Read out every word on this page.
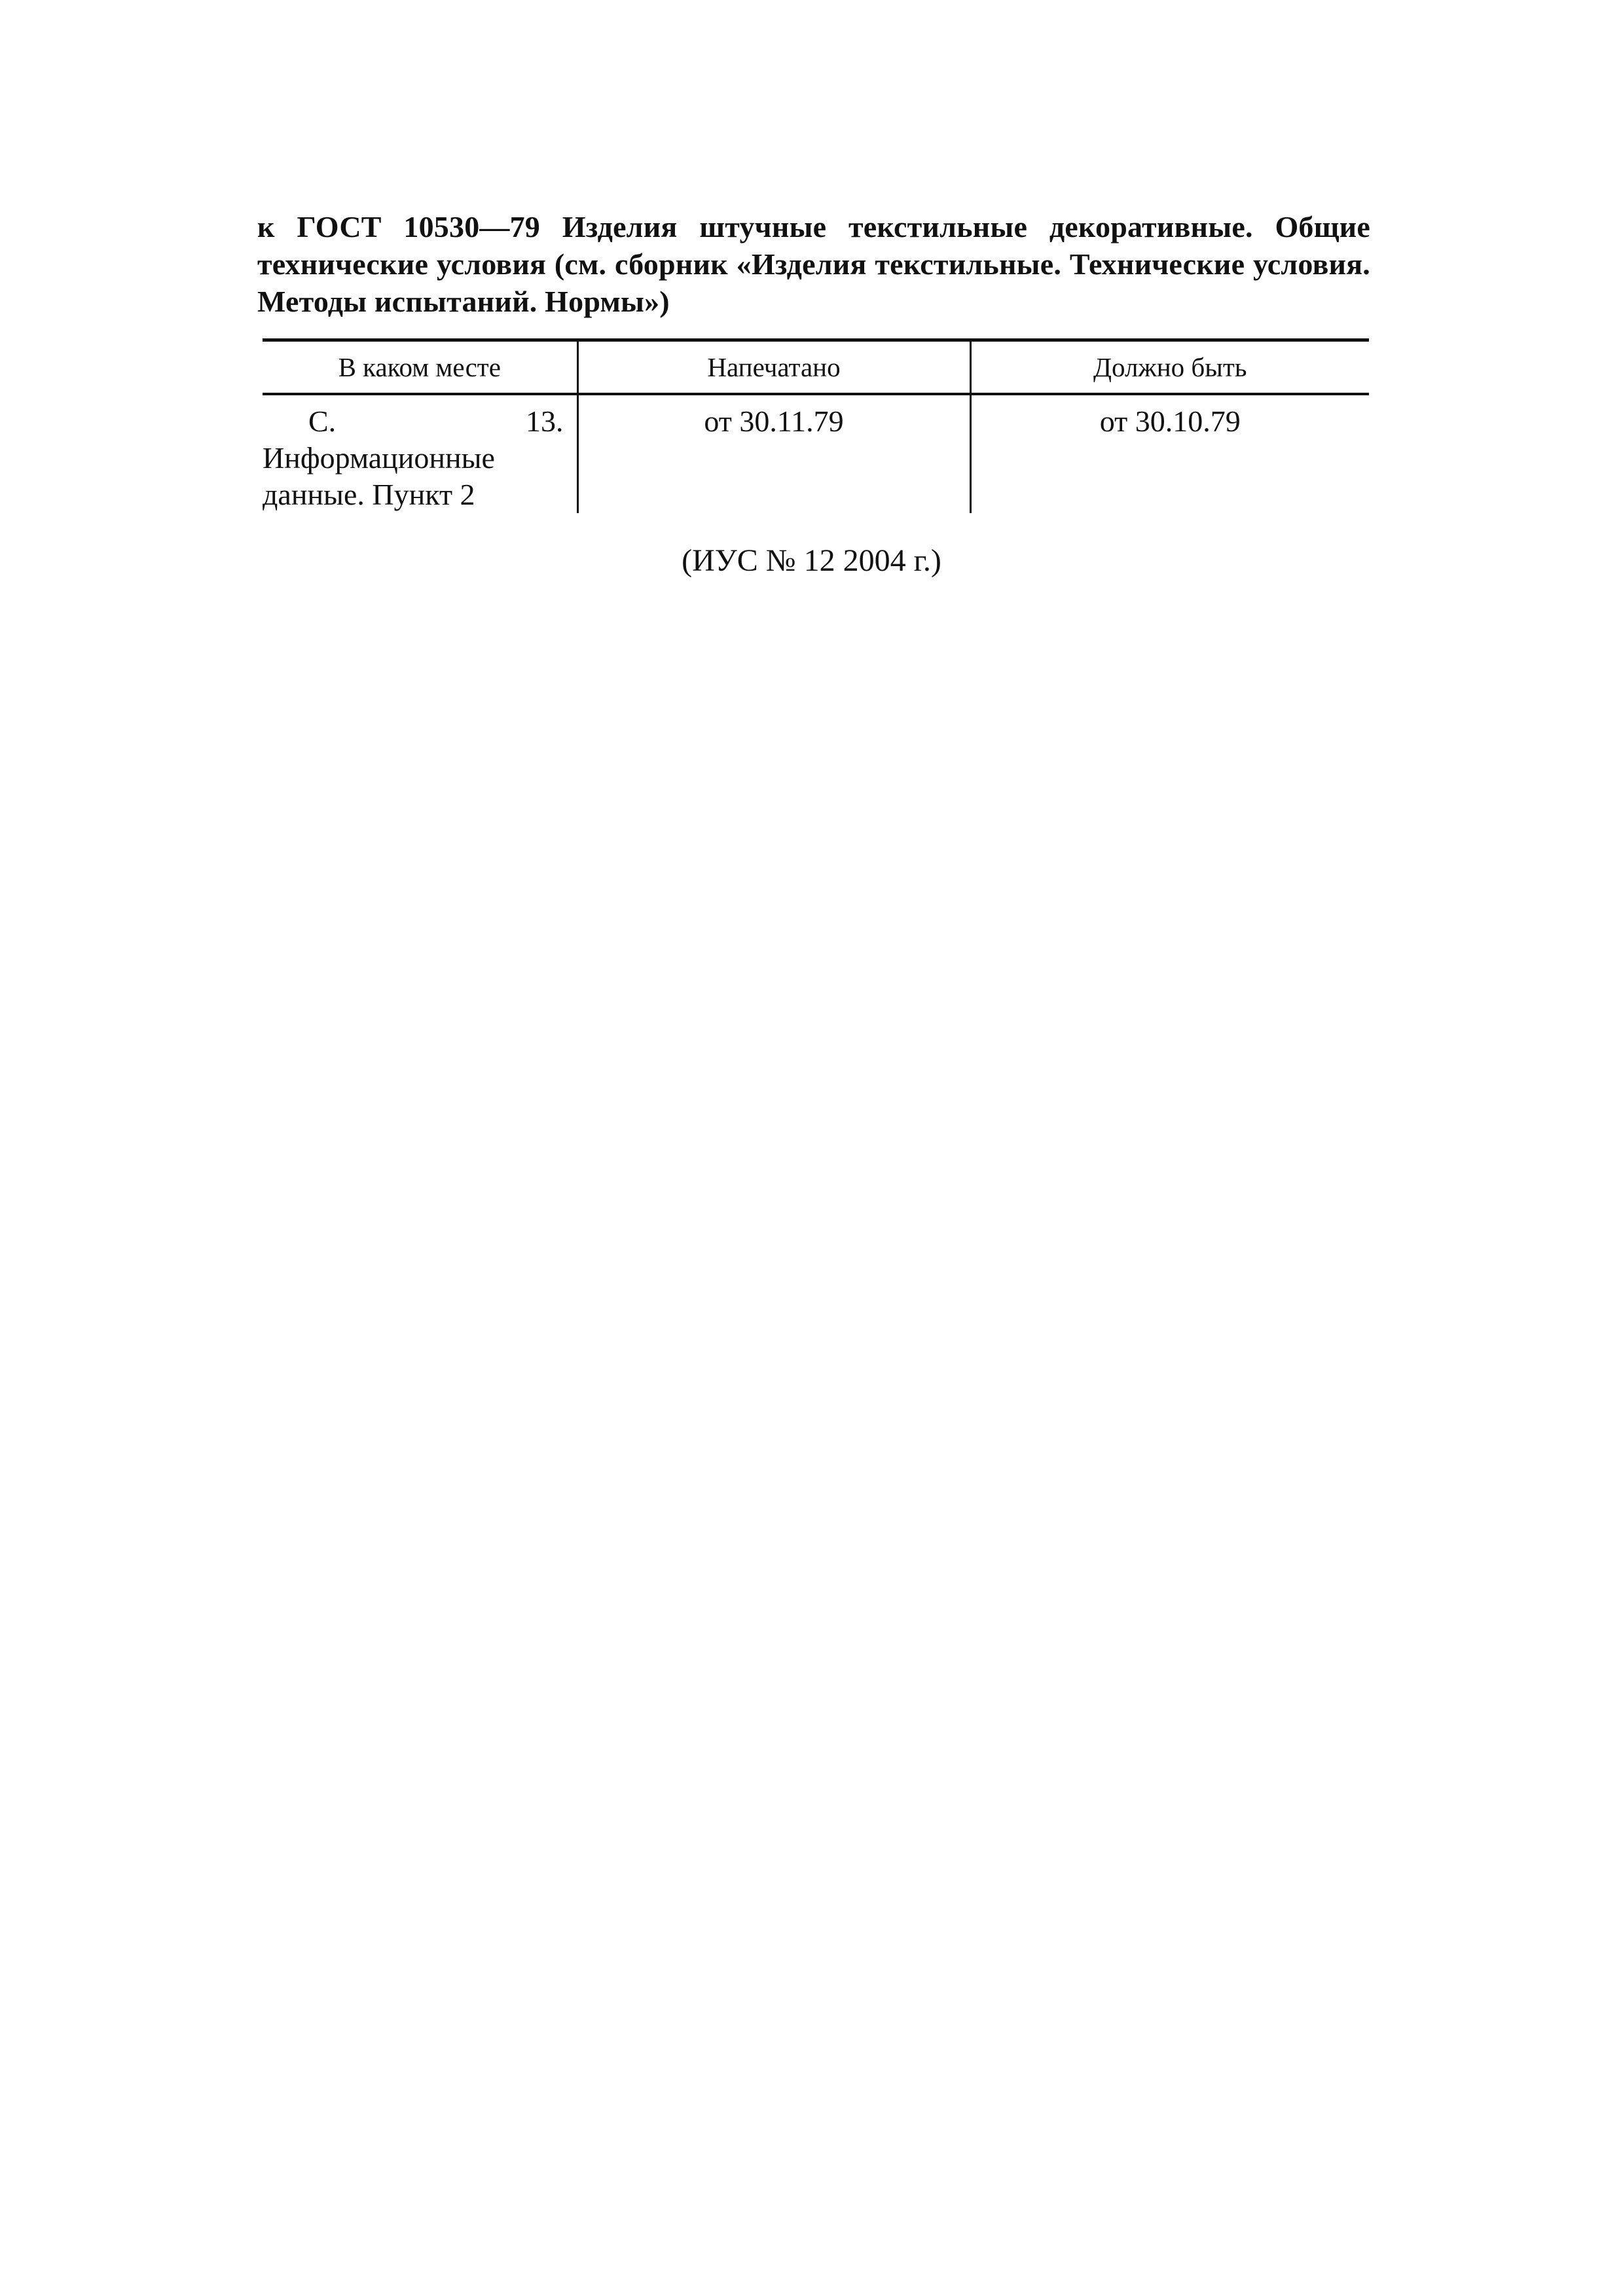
к ГОСТ 10530—79 Изделия штучные текстильные декоративные. Общие технические условия (см. сборник «Изделия текстильные. Технические условия. Методы испытаний. Нормы»)
В каком месте	Напечатано	Должно быть
С. 13. Информационные данные. Пункт 2	от 30.11.79	от 30.10.79
(ИУС № 12 2004 г.)
